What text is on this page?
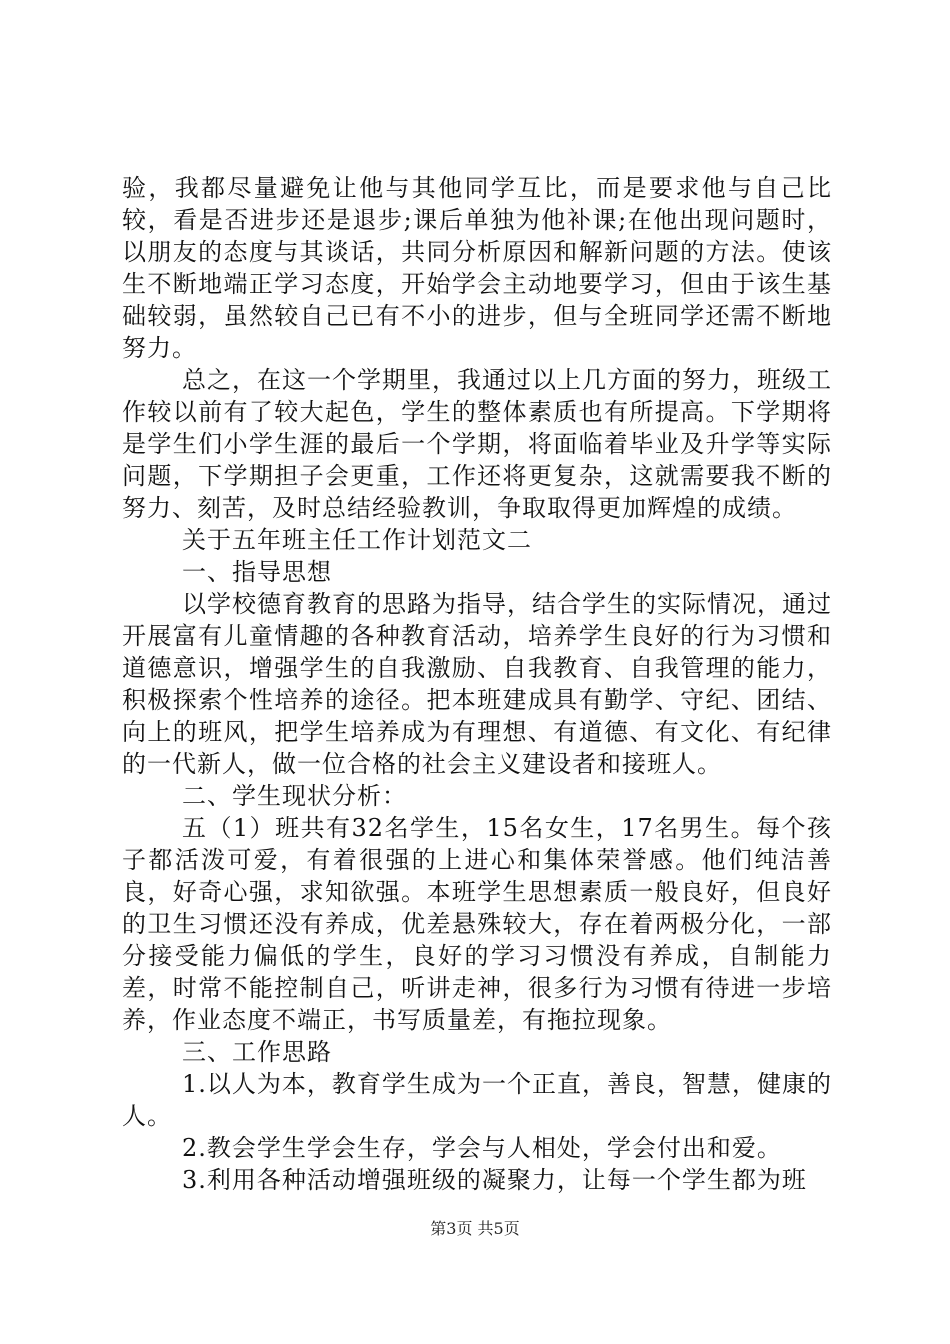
验，我都尽量避免让他与其他同学互比，而是要求他与自己比较，看是否进步还是退步;课后单独为他补课;在他出现问题时，以朋友的态度与其谈话，共同分析原因和解新问题的方法。使该生不断地端正学习态度，开始学会主动地要学习，但由于该生基础较弱，虽然较自己已有不小的进步，但与全班同学还需不断地努力。

总之，在这一个学期里，我通过以上几方面的努力，班级工作较以前有了较大起色，学生的整体素质也有所提高。下学期将是学生们小学生涯的最后一个学期，将面临着毕业及升学等实际问题，下学期担子会更重，工作还将更复杂，这就需要我不断的努力、刻苦，及时总结经验教训，争取取得更加辉煌的成绩。

关于五年班主任工作计划范文二

一、指导思想

以学校德育教育的思路为指导，结合学生的实际情况，通过开展富有儿童情趣的各种教育活动，培养学生良好的行为习惯和道德意识，增强学生的自我激励、自我教育、自我管理的能力，积极探索个性培养的途径。把本班建成具有勤学、守纪、团结、向上的班风，把学生培养成为有理想、有道德、有文化、有纪律的一代新人，做一位合格的社会主义建设者和接班人。

二、学生现状分析：

五（1）班共有32名学生，15名女生，17名男生。每个孩子都活泼可爱，有着很强的上进心和集体荣誉感。他们纯洁善良，好奇心强，求知欲强。本班学生思想素质一般良好，但良好的卫生习惯还没有养成，优差悬殊较大，存在着两极分化，一部分接受能力偏低的学生，良好的学习习惯没有养成，自制能力差，时常不能控制自己，听讲走神，很多行为习惯有待进一步培养，作业态度不端正，书写质量差，有拖拉现象。

三、工作思路

1.以人为本，教育学生成为一个正直，善良，智慧，健康的人。

2.教会学生学会生存，学会与人相处，学会付出和爱。

3.利用各种活动增强班级的凝聚力，让每一个学生都为班

第3页 共5页
